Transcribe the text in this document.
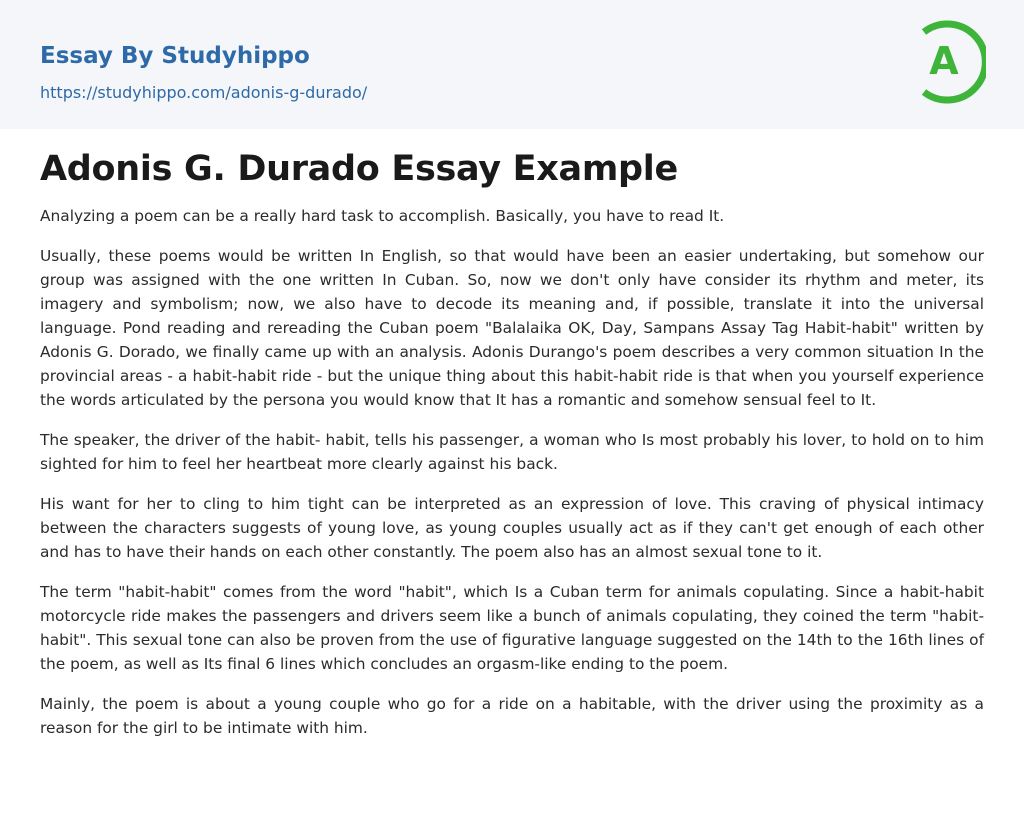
Essay By Studyhippo
https://studyhippo.com/adonis-g-durado/
A
Adonis G. Durado Essay Example

Analyzing a poem can be a really hard task to accomplish. Basically, you have to read It.

Usually, these poems would be written In English, so that would have been an easier undertaking, but somehow our group was assigned with the one written In Cuban. So, now we don't only have consider its rhythm and meter, its imagery and symbolism; now, we also have to decode its meaning and, if possible, translate it into the universal language. Pond reading and rereading the Cuban poem "Balalaika OK, Day, Sampans Assay Tag Habit-habit" written by Adonis G. Dorado, we finally came up with an analysis. Adonis Durango's poem describes a very common situation In the provincial areas - a habit-habit ride - but the unique thing about this habit-habit ride is that when you yourself experience the words articulated by the persona you would know that It has a romantic and somehow sensual feel to It.

The speaker, the driver of the habit- habit, tells his passenger, a woman who Is most probably his lover, to hold on to him sighted for him to feel her heartbeat more clearly against his back.

His want for her to cling to him tight can be interpreted as an expression of love. This craving of physical intimacy between the characters suggests of young love, as young couples usually act as if they can't get enough of each other and has to have their hands on each other constantly. The poem also has an almost sexual tone to it.

The term "habit-habit" comes from the word "habit", which Is a Cuban term for animals copulating. Since a habit-habit motorcycle ride makes the passengers and drivers seem like a bunch of animals copulating, they coined the term "habit-habit". This sexual tone can also be proven from the use of figurative language suggested on the 14th to the 16th lines of the poem, as well as Its final 6 lines which concludes an orgasm-like ending to the poem.

Mainly, the poem is about a young couple who go for a ride on a habitable, with the driver using the proximity as a reason for the girl to be intimate with him.
